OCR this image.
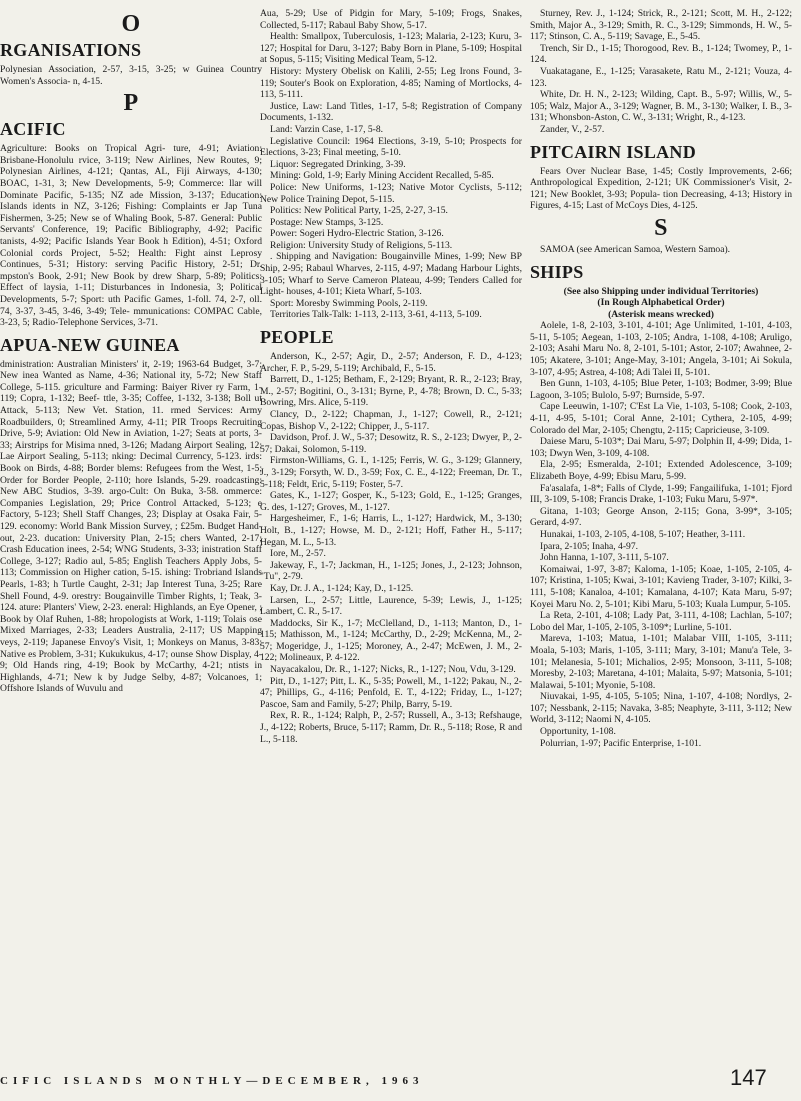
O
RGANISATIONS

Polynesian Association, 2-57, 3-15, 3-25; w Guinea Country Women's Associa- n, 4-15.

P
ACIFIC

Agriculture: Books on Tropical Agri- ture, 4-91; Aviation: Brisbane-Honolulu rvice, 3-119; New Airlines, New Routes, 9; Polynesian Airlines, 4-121; Qantas, AL, Fiji Airways, 4-130; BOAC, 1-31, 3; New Developments, 5-9; Commerce: llar will Dominate Pacific, 5-135; NZ ade Mission, 3-137; Education: Islands idents in NZ, 3-126; Fishing: Complaints er Jap Tuna Fishermen, 3-25; New se of Whaling Book, 5-87. General: Public Servants' Conference, 19; Pacific Bibliography, 4-92; Pacific tanists, 4-92; Pacific Islands Year Book h Edition), 4-51; Oxford Colonial cords Project, 5-52; Health: Fight ainst Leprosy Continues, 5-31; History: serving Pacific History, 2-51; Dr. mpston's Book, 2-91; New Book by drew Sharp, 5-89; Politics: Effect of laysia, 1-11; Disturbances in Indonesia, 3; Political Developments, 5-7; Sport: uth Pacific Games, 1-foll. 74, 2-7, oll. 74, 3-37, 3-45, 3-46, 3-49; Tele- mmunications: COMPAC Cable, 3-23, 5; Radio-Telephone Services, 3-71.

APUA-NEW GUINEA

dministration: Australian Ministers' it, 2-19; 1963-64 Budget, 3-7; New inea Wanted as Name, 4-36; National ity, 5-72; New Staff College, 5-115. griculture and Farming: Baiyer River ry Farm, 1-119; Copra, 1-132; Beef- ttle, 3-35; Coffee, 1-132, 3-138; Boll ut Attack, 5-113; New Vet. Station, 11. rmed Services: Army Roadbuilders, 0; Streamlined Army, 4-11; PIR Troops Recruiting Drive, 5-9; Aviation: Old New in Aviation, 1-27; Seats at ports, 3-33; Airstrips for Misima nned, 3-126; Madang Airport Sealing, 12; Lae Airport Sealing, 5-113; nking: Decimal Currency, 5-123. irds: Book on Birds, 4-88; Border blems: Refugees from the West, 1-5; Order for Border People, 2-110; hore Islands, 5-29. roadcasting: New ABC Studios, 3-39. argo-Cult: On Buka, 3-58. ommerce: Companies Legislation, 29; Price Control Attacked, 5-123; e Factory, 5-123; Shell Staff Changes, 23; Display at Osaka Fair, 5-129. economy: World Bank Mission Survey, ; £25m. Budget Hand-out, 2-23. ducation: University Plan, 2-15; chers Wanted, 2-17; Crash Education inees, 2-54; WNG Students, 3-33; inistration Staff College, 3-127; Radio aul, 5-85; English Teachers Apply Jobs, 5-113; Commission on Higher cation, 5-15. ishing: Trobriand Islands Pearls, 1-83; h Turtle Caught, 2-31; Jap Interest Tuna, 3-25; Rare Shell Found, 4-9. orestry: Bougainville Timber Rights, 1; Teak, 3-124. ature: Planters' View, 2-23. eneral: Highlands, an Eye Opener, ; Book by Olaf Ruhen, 1-88; hropologists at Work, 1-119; Tolais ose Mixed Marriages, 2-33; Leaders Australia, 2-117; US Mapping veys, 2-119; Japanese Envoy's Visit, 1; Monkeys on Manus, 3-83; Native es Problem, 3-31; Kukukukus, 4-17; ounse Show Display, 4-9; Old Hands ring, 4-19; Book by McCarthy, 4-21; ntists in Highlands, 4-71; New k by Judge Selby, 4-87; Volcanoes, 1; Offshore Islands of Wuvulu and

Aua, 5-29; Use of Pidgin for Mary, 5-109; Frogs, Snakes, Collected, 5-117; Rabaul Baby Show, 5-17.

Health: Smallpox, Tuberculosis, 1-123; Malaria, 2-123; Kuru, 3-127; Hospital for Daru, 3-127; Baby Born in Plane, 5-109; Hospital at Sopus, 5-115; Visiting Medical Team, 5-12.

History: Mystery Obelisk on Kalili, 2-55; Leg Irons Found, 3-119; Souter's Book on Exploration, 4-85; Naming of Mortlocks, 4-113, 5-111.

Justice, Law: Land Titles, 1-17, 5-8; Registration of Company Documents, 1-132.

Land: Varzin Case, 1-17, 5-8.

Legislative Council: 1964 Elections, 3-19, 5-10; Prospects for Elections, 3-23; Final meeting, 5-10.

Liquor: Segregated Drinking, 3-39.

Mining: Gold, 1-9; Early Mining Accident Recalled, 5-85.

Police: New Uniforms, 1-123; Native Motor Cyclists, 5-112; New Police Training Depot, 5-115.

Politics: New Political Party, 1-25, 2-27, 3-15.

Postage: New Stamps, 3-125.

Power: Sogeri Hydro-Electric Station, 3-126.

Religion: University Study of Religions, 5-113.

. Shipping and Navigation: Bougainville Mines, 1-99; New BP Ship, 2-95; Rabaul Wharves, 2-115, 4-97; Madang Harbour Lights, 3-105; Wharf to Serve Cameron Plateau, 4-99; Tenders Called for Light- houses, 4-101; Kieta Wharf, 5-103.

Sport: Moresby Swimming Pools, 2-119.

Territories Talk-Talk: 1-113, 2-113, 3-61, 4-113, 5-109.

PEOPLE

Anderson, K., 2-57; Agir, D., 2-57; Anderson, F. D., 4-123; Archer, F. P., 5-29, 5-119; Archibald, F., 5-15.

Barrett, D., 1-125; Betham, F., 2-129; Bryant, R. R., 2-123; Bray, M., 2-57; Bogitini, O., 3-131; Byrne, P., 4-78; Brown, D. C., 5-33; Bowring, Mrs. Alice, 5-119.

Clancy, D., 2-122; Chapman, J., 1-127; Cowell, R., 2-121; Copas, Bishop V., 2-122; Chipper, J., 5-117.

Davidson, Prof. J. W., 5-37; Desowitz, R. S., 2-123; Dwyer, P., 2-57; Dakai, Solomon, 5-119.

Firmston-Williams, G. I., 1-125; Ferris, W. G., 3-129; Glannery, J., 3-129; Forsyth, W. D., 3-59; Fox, C. E., 4-122; Freeman, Dr. T., 5-118; Feldt, Eric, 5-119; Foster, 5-7.

Gates, K., 1-127; Gosper, K., 5-123; Gold, E., 1-125; Granges, G. des, 1-127; Groves, M., 1-127.

Hargesheimer, F., 1-6; Harris, L., 1-127; Hardwick, M., 3-130; Holt, B., 1-127; Howse, M. D., 2-121; Hoff, Father H., 5-117; Hegan, M. L., 5-13.

Iore, M., 2-57.

Jakeway, F., 1-7; Jackman, H., 1-125; Jones, J., 2-123; Johnson, "Tu", 2-79.

Kay, Dr. J. A., 1-124; Kay, D., 1-125.

Larsen, L., 2-57; Little, Laurence, 5-39; Lewis, J., 1-125; Lambert, C. R., 5-17.

Maddocks, Sir K., 1-7; McClelland, D., 1-113; Manton, D., 1-115; Mathisson, M., 1-124; McCarthy, D., 2-29; McKenna, M., 2-57; Mogeridge, J., 1-125; Moroney, A., 2-47; McEwen, J. M., 2-122; Molineaux, P. 4-122.

Nayacakalou, Dr. R., 1-127; Nicks, R., 1-127; Nou, Vdu, 3-129.

Pitt, D., 1-127; Pitt, L. K., 5-35; Powell, M., 1-122; Pakau, N., 2-47; Phillips, G., 4-116; Penfold, E. T., 4-122; Friday, L., 1-127; Pascoe, Sam and Family, 5-27; Philp, Barry, 5-19.

Rex, R. R., 1-124; Ralph, P., 2-57; Russell, A., 3-13; Refshauge, J., 4-122; Roberts, Bruce, 5-117; Ramm, Dr. R., 5-118; Rose, R and L., 5-118.

Sturney, Rev. J., 1-124; Strick, R., 2-121; Scott, M. H., 2-122; Smith, Major A., 3-129; Smith, R. C., 3-129; Simmonds, H. W., 5-117; Stinson, C. A., 5-119; Savage, E., 5-45.

Trench, Sir D., 1-15; Thorogood, Rev. B., 1-124; Twomey, P., 1-124.

Vuakatagane, E., 1-125; Varasakete, Ratu M., 2-121; Vouza, 4-123.

White, Dr. H. N., 2-123; Wilding, Capt. B., 5-97; Willis, W., 5-105; Walz, Major A., 3-129; Wagner, B. M., 3-130; Walker, I. B., 3-131; Whonsbon-Aston, C. W., 3-131; Wright, R., 4-123.

Zander, V., 2-57.

PITCAIRN ISLAND

Fears Over Nuclear Base, 1-45; Costly Improvements, 2-66; Anthropological Expedition, 2-121; UK Commissioner's Visit, 2-121; New Booklet, 3-93; Popula- tion Decreasing, 4-13; History in Figures, 4-15; Last of McCoys Dies, 4-125.

S

SAMOA (see American Samoa, Western Samoa).

SHIPS
(See also Shipping under individual Territories)
(In Rough Alphabetical Order)
(Asterisk means wrecked)

Aolele, 1-8, 2-103, 3-101, 4-101; Age Unlimited, 1-101, 4-103, 5-11, 5-105; Aegean, 1-103, 2-105; Andra, 1-108, 4-108; Aruligo, 2-103; Asahi Maru No. 8, 2-101, 5-101; Astor, 2-107; Awahnee, 2-105; Akatere, 3-101; Ange-May, 3-101; Angela, 3-101; Ai Sokula, 3-107, 4-95; Astrea, 4-108; Adi Talei II, 5-101.

Ben Gunn, 1-103, 4-105; Blue Peter, 1-103; Bodmer, 3-99; Blue Lagoon, 3-105; Bulolo, 5-97; Burnside, 5-97.

Cape Leeuwin, 1-107; C'Est La Vie, 1-103, 5-108; Cook, 2-103, 4-11, 4-95, 5-101; Coral Anne, 2-101; Cythera, 2-105, 4-99; Colorado del Mar, 2-105; Chengtu, 2-115; Capricieuse, 3-109.

Daiese Maru, 5-103*; Dai Maru, 5-97; Dolphin II, 4-99; Dida, 1-103; Dwyn Wen, 3-109, 4-108.

Ela, 2-95; Esmeralda, 2-101; Extended Adolescence, 3-109; Elizabeth Boye, 4-99; Ebisu Maru, 5-99.

Fa'asalafa, 1-8*; Falls of Clyde, 1-99; Fangailifuka, 1-101; Fjord III, 3-109, 5-108; Francis Drake, 1-103; Fuku Maru, 5-97*.

Gitana, 1-103; George Anson, 2-115; Gona, 3-99*, 3-105; Gerard, 4-97.

Hunakai, 1-103, 2-105, 4-108, 5-107; Heather, 3-111.

Ipara, 2-105; Inaha, 4-97.

John Hanna, 1-107, 3-111, 5-107.

Komaiwai, 1-97, 3-87; Kaloma, 1-105; Koae, 1-105, 2-105, 4-107; Kristina, 1-105; Kwai, 3-101; Kavieng Trader, 3-107; Kilki, 3-111, 5-108; Kanaloa, 4-101; Kamalana, 4-107; Kata Maru, 5-97; Koyei Maru No. 2, 5-101; Kibi Maru, 5-103; Kuala Lumpur, 5-105.

La Reta, 2-101, 4-108; Lady Pat, 3-111, 4-108; Lachlan, 5-107; Lobo del Mar, 1-105, 2-105, 3-109*; Lurline, 5-101.

Mareva, 1-103; Matua, 1-101; Malabar VIII, 1-105, 3-111; Moala, 5-103; Maris, 1-105, 3-111; Mary, 3-101; Manu'a Tele, 3-101; Melanesia, 5-101; Michalios, 2-95; Monsoon, 3-111, 5-108; Moresby, 2-103; Maretana, 4-101; Malaita, 5-97; Matsonia, 5-101; Malawai, 5-101; Myonie, 5-108.

Niuvakai, 1-95, 4-105, 5-105; Nina, 1-107, 4-108; Nordlys, 2-107; Nessbank, 2-115; Navaka, 3-85; Neaphyte, 3-111, 3-112; New World, 3-112; Naomi N, 4-105.

Opportunity, 1-108.

Polurrian, 1-97; Pacific Enterprise, 1-101.

CIFIC ISLANDS MONTHLY—DECEMBER, 1963	147
